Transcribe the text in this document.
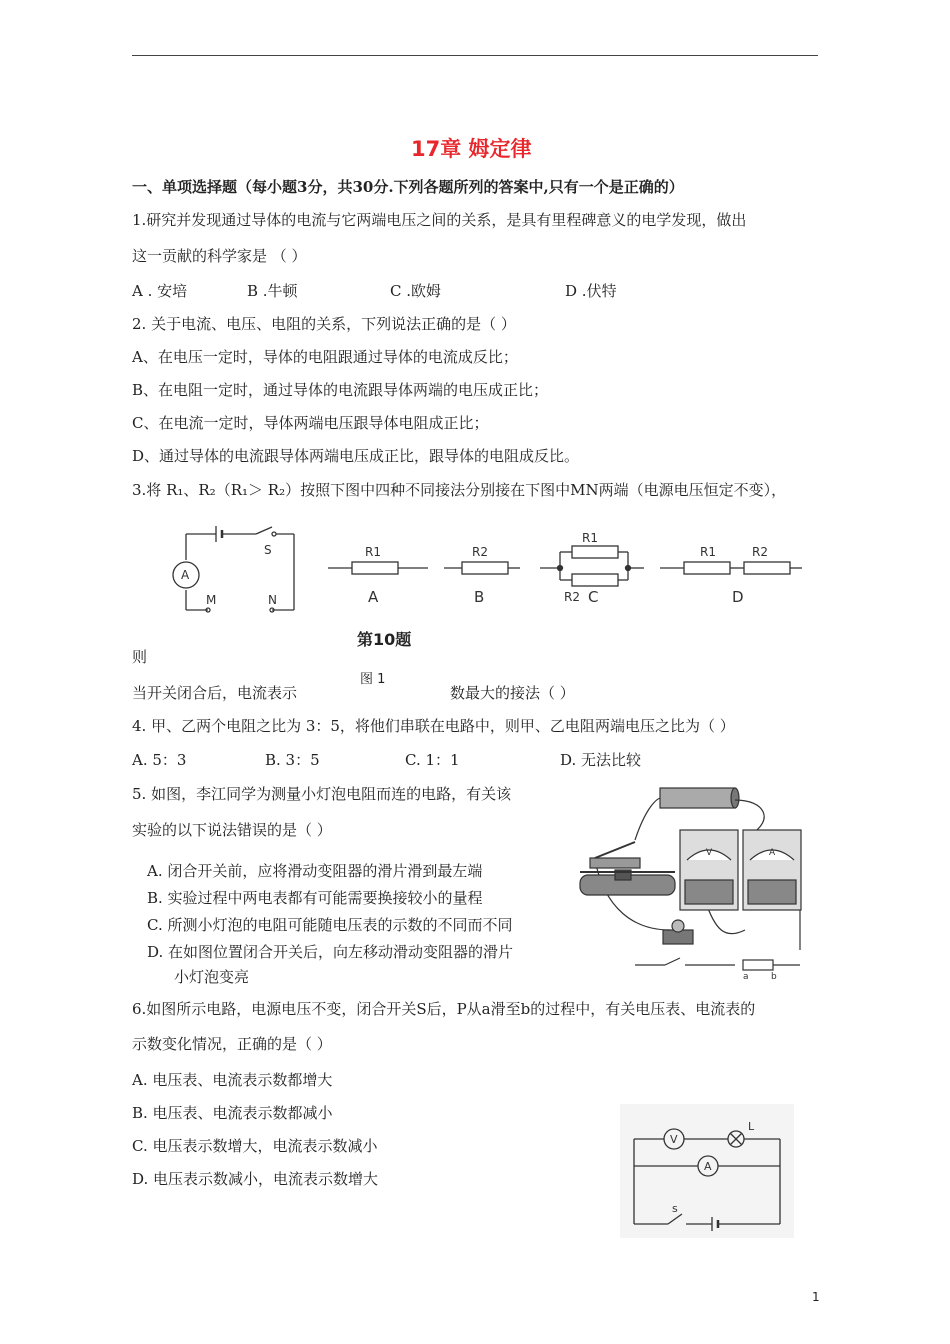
17章 姆定律
一、单项选择题（每小题3分，共30分.下列各题所列的答案中,只有一个是正确的）
1.研究并发现通过导体的电流与它两端电压之间的关系，是具有里程碑意义的电学发现，做出
这一贡献的科学家是 （ ）
A . 安培	B .牛顿	C .欧姆	D .伏特
2. 关于电流、电压、电阻的关系，下列说法正确的是（ ）
A、在电压一定时，导体的电阻跟通过导体的电流成反比；
B、在电阻一定时，通过导体的电流跟导体两端的电压成正比；
C、在电流一定时，导体两端电压跟导体电阻成正比；
D、通过导体的电流跟导体两端电压成正比，跟导体的电阻成反比。
3.将 R₁、R₂（R₁＞ R₂）按照下图中四种不同接法分别接在下图中MN两端（电源电压恒定不变），
A
S
M	N
R1	R2
R1
R2
R1	R2
A	B	C	D
第10题
则
图 1
当开关闭合后，电流表示	数最大的接法（ ）
4. 甲、乙两个电阻之比为 3：5，将他们串联在电路中，则甲、乙电阻两端电压之比为（ ）
A. 5：3	B. 3：5	C. 1：1	D. 无法比较
5. 如图，李江同学为测量小灯泡电阻而连的电路，有关该
实验的以下说法错误的是（ ）
A. 闭合开关前，应将滑动变阻器的滑片滑到最左端
B. 实验过程中两电表都有可能需要换接较小的量程
C. 所测小灯泡的电阻可能随电压表的示数的不同而不同
D. 在如图位置闭合开关后，向左移动滑动变阻器的滑片
小灯泡变亮
V	A
a b
6.如图所示电路，电源电压不变，闭合开关S后，P从a滑至b的过程中，有关电压表、电流表的
示数变化情况，正确的是（ ）
A. 电压表、电流表示数都增大
B. 电压表、电流表示数都减小
C. 电压表示数增大，电流表示数减小
D. 电压表示数减小，电流表示数增大
V
A
L
s
1
